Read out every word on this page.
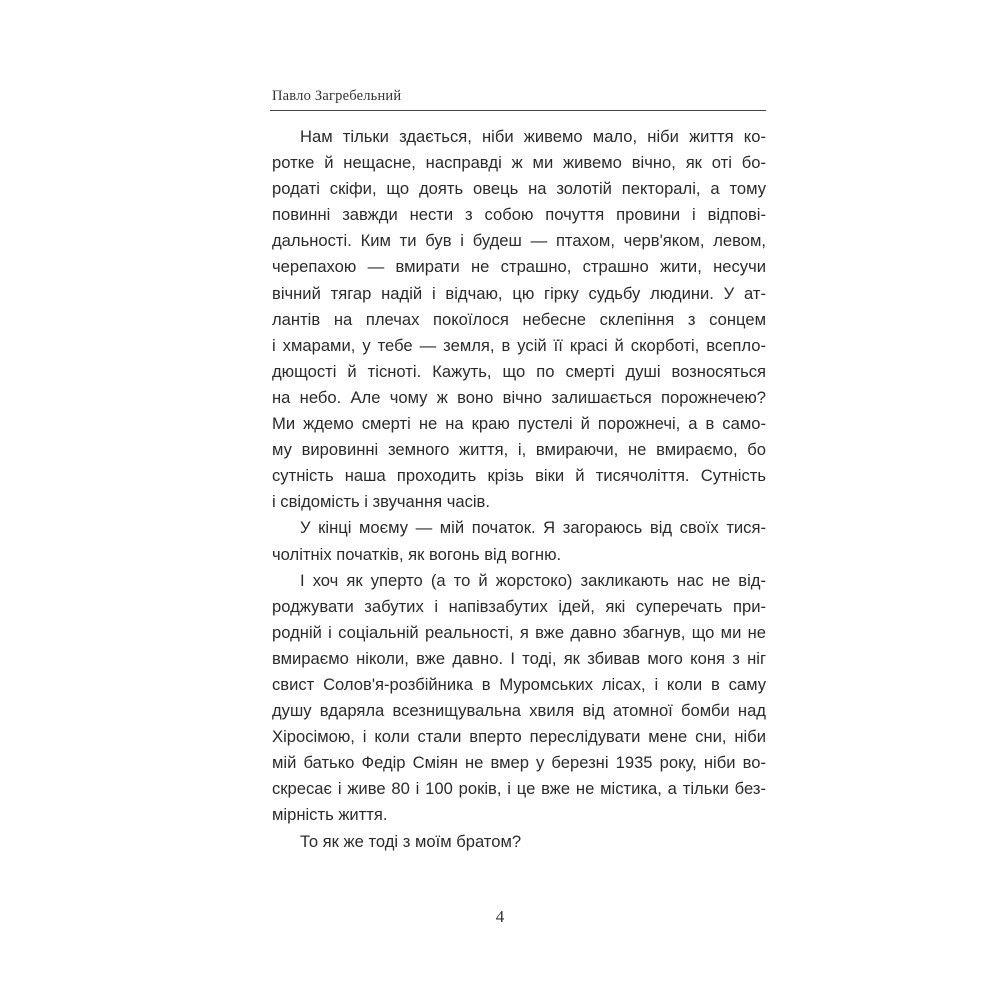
Павло Загребельний
Нам тільки здається, ніби живемо мало, ніби життя ко-
ротке й нещасне, насправді ж ми живемо вічно, як оті бо-
родаті скіфи, що доять овець на золотій пекторалі, а тому
повинні завжди нести з собою почуття провини і відпові-
дальності. Ким ти був і будеш — птахом, черв'яком, левом,
черепахою — вмирати не страшно, страшно жити, несучи
вічний тягар надій і відчаю, цю гірку судьбу людини. У ат-
лантів на плечах покоїлося небесне склепіння з сонцем
і хмарами, у тебе — земля, в усій її красі й скорботі, всепло-
дющості й тісноті. Кажуть, що по смерті душі возносяться
на небо. Але чому ж воно вічно залишається порожнечею?
Ми ждемо смерті не на краю пустелі й порожнечі, а в само-
му вировинні земного життя, і, вмираючи, не вмираємо, бо
сутність наша проходить крізь віки й тисячоліття. Сутність
і свідомість і звучання часів.
У кінці моєму — мій початок. Я загораюсь від своїх тися-
чолітніх початків, як вогонь від вогню.
І хоч як уперто (а то й жорстоко) закликають нас не від-
роджувати забутих і напівзабутих ідей, які суперечать при-
родній і соціальній реальності, я вже давно збагнув, що ми не
вмираємо ніколи, вже давно. І тоді, як збивав мого коня з ніг
свист Солов'я-розбійника в Муромських лісах, і коли в саму
душу вдаряла всезнищувальна хвиля від атомної бомби над
Хіросімою, і коли стали вперто переслідувати мене сни, ніби
мій батько Федір Сміян не вмер у березні 1935 року, ніби во-
скресає і живе 80 і 100 років, і це вже не містика, а тільки без-
мірність життя.
То як же тоді з моїм братом?
4
